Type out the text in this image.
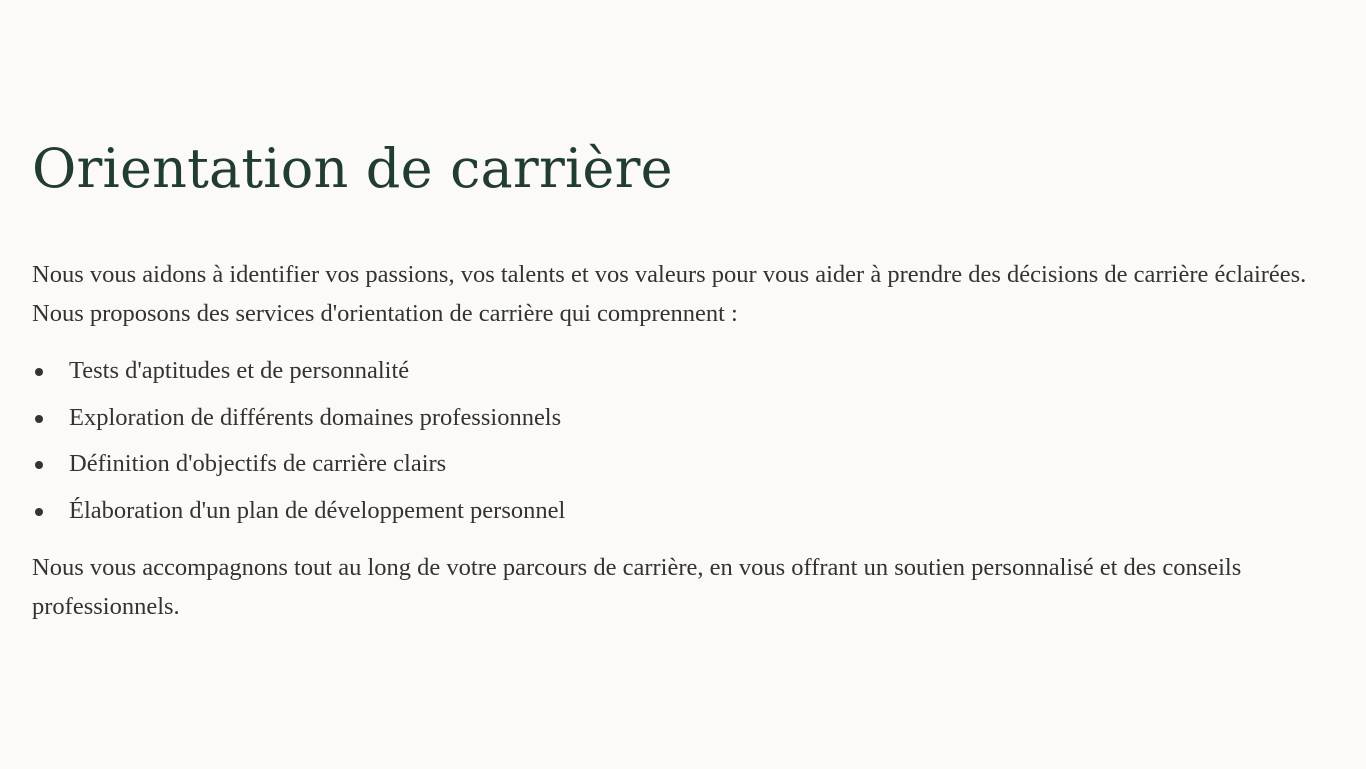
Orientation de carrière

Nous vous aidons à identifier vos passions, vos talents et vos valeurs pour vous aider à prendre des décisions de carrière éclairées. Nous proposons des services d'orientation de carrière qui comprennent :

Tests d'aptitudes et de personnalité
Exploration de différents domaines professionnels
Définition d'objectifs de carrière clairs
Élaboration d'un plan de développement personnel

Nous vous accompagnons tout au long de votre parcours de carrière, en vous offrant un soutien personnalisé et des conseils professionnels.
